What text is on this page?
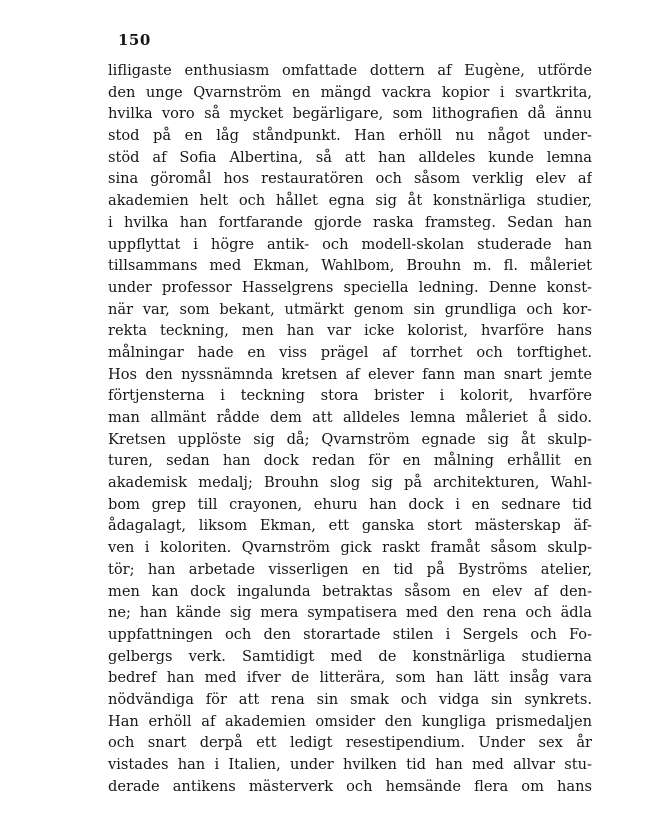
150
lifligaste enthusiasm omfattade dottern af Eugène, utförde
den unge Qvarnström en mängd vackra kopior i svartkrita,
hvilka voro så mycket begärligare, som lithografien då ännu
stod på en låg ståndpunkt. Han erhöll nu något under-
stöd af Sofia Albertina, så att han alldeles kunde lemna
sina göromål hos restauratören och såsom verklig elev af
akademien helt och hållet egna sig åt konstnärliga studier,
i hvilka han fortfarande gjorde raska framsteg. Sedan han
uppflyttat i högre antik- och modell-skolan studerade han
tillsammans med Ekman, Wahlbom, Brouhn m. fl. måleriet
under professor Hasselgrens speciella ledning. Denne konst-
när var, som bekant, utmärkt genom sin grundliga och kor-
rekta teckning, men han var icke kolorist, hvarföre hans
målningar hade en viss prägel af torrhet och torftighet.
Hos den nyssnämnda kretsen af elever fann man snart jemte
förtjensterna i teckning stora brister i kolorit, hvarföre
man allmänt rådde dem att alldeles lemna måleriet å sido.
Kretsen upplöste sig då; Qvarnström egnade sig åt skulp-
turen, sedan han dock redan för en målning erhållit en
akademisk medalj; Brouhn slog sig på architekturen, Wahl-
bom grep till crayonen, ehuru han dock i en sednare tid
ådagalagt, liksom Ekman, ett ganska stort mästerskap äf-
ven i koloriten. Qvarnström gick raskt framåt såsom skulp-
tör; han arbetade visserligen en tid på Byströms atelier,
men kan dock ingalunda betraktas såsom en elev af den-
ne; han kände sig mera sympatisera med den rena och ädla
uppfattningen och den storartade stilen i Sergels och Fo-
gelbergs verk. Samtidigt med de konstnärliga studierna
bedref han med ifver de litterära, som han lätt insåg vara
nödvändiga för att rena sin smak och vidga sin synkrets.
Han erhöll af akademien omsider den kungliga prismedaljen
och snart derpå ett ledigt resestipendium. Under sex år
vistades han i Italien, under hvilken tid han med allvar stu-
derade antikens mästerverk och hemsände flera om hans
